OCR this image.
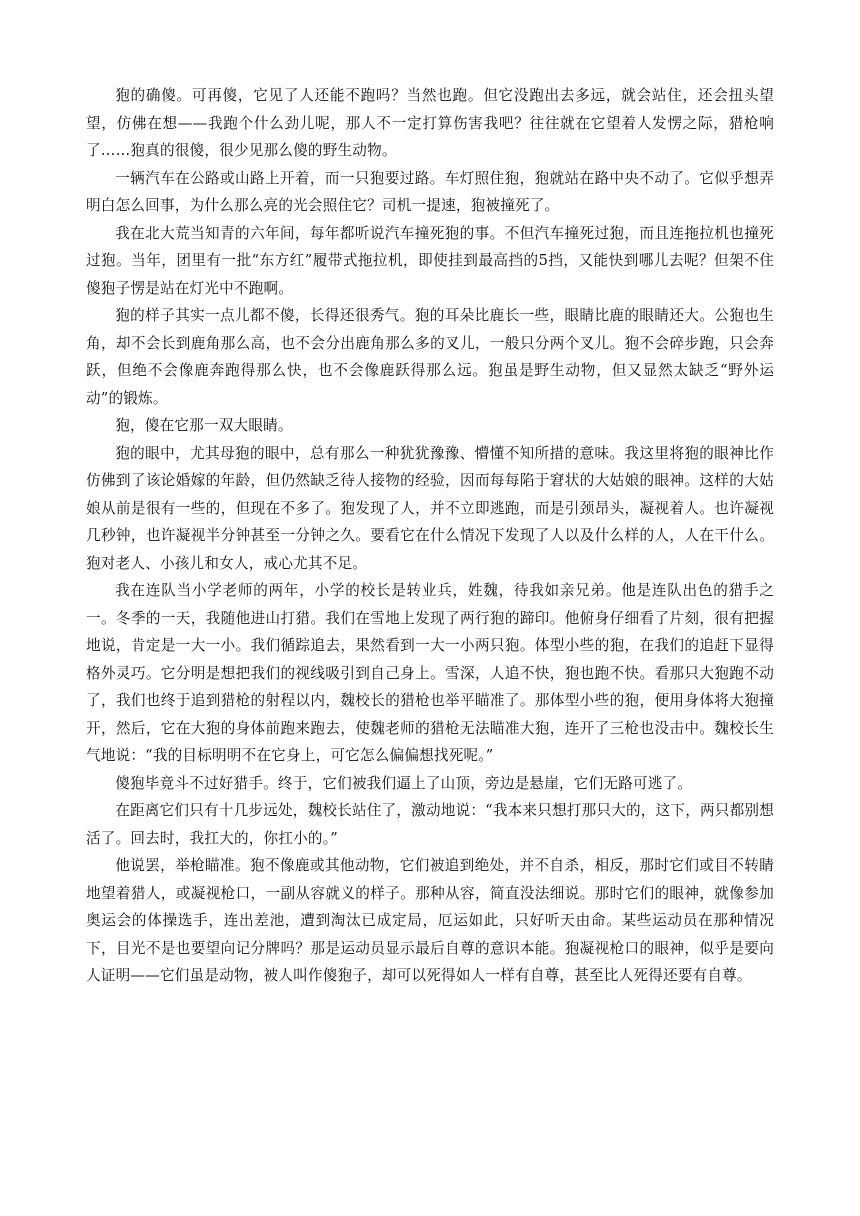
狍的确傻。可再傻，它见了人还能不跑吗？当然也跑。但它没跑出去多远，就会站住，还会扭头望望，仿佛在想——我跑个什么劲儿呢，那人不一定打算伤害我吧？往往就在它望着人发愣之际，猎枪响了……狍真的很傻，很少见那么傻的野生动物。

一辆汽车在公路或山路上开着，而一只狍要过路。车灯照住狍，狍就站在路中央不动了。它似乎想弄明白怎么回事，为什么那么亮的光会照住它？司机一提速，狍被撞死了。

我在北大荒当知青的六年间，每年都听说汽车撞死狍的事。不但汽车撞死过狍，而且连拖拉机也撞死过狍。当年，团里有一批“东方红”履带式拖拉机，即使挂到最高挡的5挡，又能快到哪儿去呢？但架不住傻狍子愣是站在灯光中不跑啊。

狍的样子其实一点儿都不傻，长得还很秀气。狍的耳朵比鹿长一些，眼睛比鹿的眼睛还大。公狍也生角，却不会长到鹿角那么高，也不会分出鹿角那么多的叉儿，一般只分两个叉儿。狍不会碎步跑，只会奔跃，但绝不会像鹿奔跑得那么快，也不会像鹿跃得那么远。狍虽是野生动物，但又显然太缺乏“野外运动”的锻炼。

狍，傻在它那一双大眼睛。

狍的眼中，尤其母狍的眼中，总有那么一种犹犹豫豫、懵懂不知所措的意味。我这里将狍的眼神比作仿佛到了该论婚嫁的年龄，但仍然缺乏待人接物的经验，因而每每陷于窘状的大姑娘的眼神。这样的大姑娘从前是很有一些的，但现在不多了。狍发现了人，并不立即逃跑，而是引颈昂头，凝视着人。也许凝视几秒钟，也许凝视半分钟甚至一分钟之久。要看它在什么情况下发现了人以及什么样的人，人在干什么。狍对老人、小孩儿和女人，戒心尤其不足。

我在连队当小学老师的两年，小学的校长是转业兵，姓魏，待我如亲兄弟。他是连队出色的猎手之一。冬季的一天，我随他进山打猎。我们在雪地上发现了两行狍的蹄印。他俯身仔细看了片刻，很有把握地说，肯定是一大一小。我们循踪追去，果然看到一大一小两只狍。体型小些的狍，在我们的追赶下显得格外灵巧。它分明是想把我们的视线吸引到自己身上。雪深，人追不快，狍也跑不快。看那只大狍跑不动了，我们也终于追到猎枪的射程以内，魏校长的猎枪也举平瞄准了。那体型小些的狍，便用身体将大狍撞开，然后，它在大狍的身体前跑来跑去，使魏老师的猎枪无法瞄准大狍，连开了三枪也没击中。魏校长生气地说：“我的目标明明不在它身上，可它怎么偏偏想找死呢。”

傻狍毕竟斗不过好猎手。终于，它们被我们逼上了山顶，旁边是悬崖，它们无路可逃了。

在距离它们只有十几步远处，魏校长站住了，激动地说：“我本来只想打那只大的，这下，两只都别想活了。回去时，我扛大的，你扛小的。”

他说罢，举枪瞄准。狍不像鹿或其他动物，它们被追到绝处，并不自杀，相反，那时它们或目不转睛地望着猎人，或凝视枪口，一副从容就义的样子。那种从容，简直没法细说。那时它们的眼神，就像参加奥运会的体操选手，连出差池，遭到淘汰已成定局，厄运如此，只好听天由命。某些运动员在那种情况下，目光不是也要望向记分牌吗？那是运动员显示最后自尊的意识本能。狍凝视枪口的眼神，似乎是要向人证明——它们虽是动物，被人叫作傻狍子，却可以死得如人一样有自尊，甚至比人死得还要有自尊。
